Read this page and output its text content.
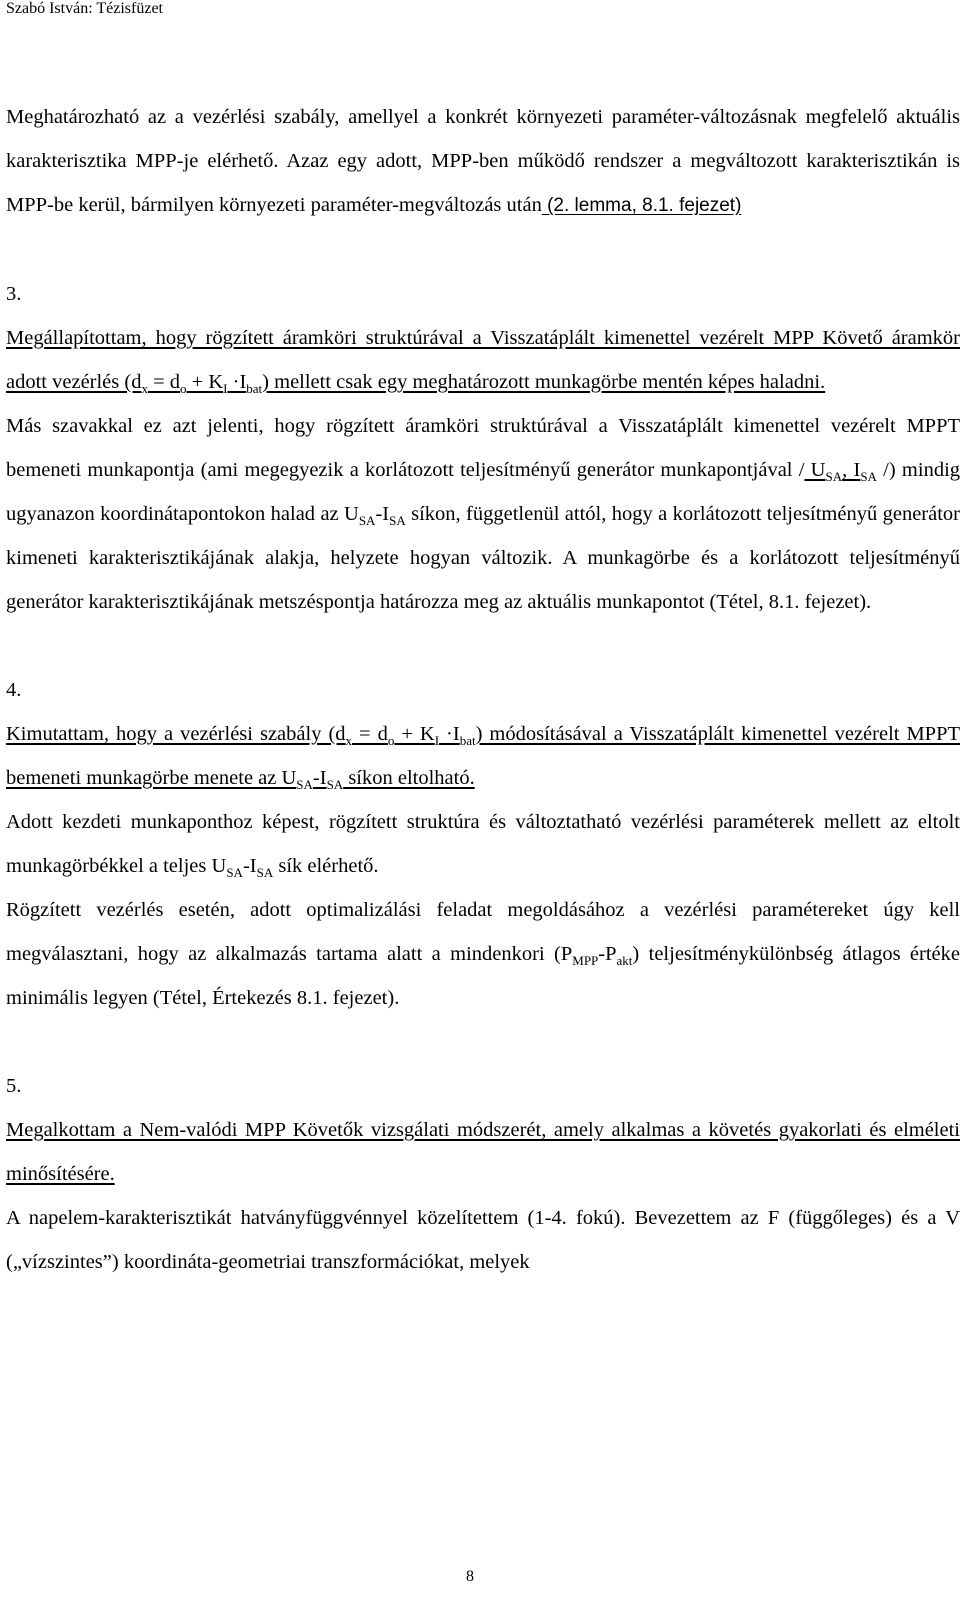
Szabó István: Tézisfüzet

Meghatározható az a vezérlési szabály, amellyel a konkrét környezeti paraméter-változásnak megfelelő aktuális karakterisztika MPP-je elérhető. Azaz egy adott, MPP-ben működő rendszer a megváltozott karakterisztikán is MPP-be kerül, bármilyen környezeti paraméter-megváltozás után (2. lemma, 8.1. fejezet)

3.

Megállapítottam, hogy rögzített áramköri struktúrával a Visszatáplált kimenettel vezérelt MPP Követő áramkör adott vezérlés $(d_x = d_o + K_I \cdot I_{bat})$ mellett csak egy meghatározott munkagörbe mentén képes haladni.

Más szavakkal ez azt jelenti, hogy rögzített áramköri struktúrával a Visszatáplált kimenettel vezérelt MPPT bemeneti munkapontja (ami megegyezik a korlátozott teljesítményű generátor munkapontjával / $U_{SA}$, $I_{SA}$ /) mindig ugyanazon koordinátapontokon halad az $U_{SA}-I_{SA}$ síkon, függetlenül attól, hogy a korlátozott teljesítményű generátor kimeneti karakterisztikájának alakja, helyzete hogyan változik. A munkagörbe és a korlátozott teljesítményű generátor karakterisztikájának metszéspontja határozza meg az aktuális munkapontot (Tétel, 8.1. fejezet).

4.

Kimutattam, hogy a vezérlési szabály $(d_x = d_o + K_I \cdot I_{bat})$ módosításával a Visszatáplált kimenettel vezérelt MPPT bemeneti munkagörbe menete az $U_{SA}-I_{SA}$ síkon eltolható.

Adott kezdeti munkaponthoz képest, rögzített struktúra és változtatható vezérlési paraméterek mellett az eltolt munkagörbékkel a teljes $U_{SA}-I_{SA}$ sík elérhető.

Rögzített vezérlés esetén, adott optimalizálási feladat megoldásához a vezérlési paramétereket úgy kell megválasztani, hogy az alkalmazás tartama alatt a mindenkori $(P_{MPP}-P_{akt})$ teljesítménykülönbség átlagos értéke minimális legyen (Tétel, Értekezés 8.1. fejezet).

5.

Megalkottam a Nem-valódi MPP Követők vizsgálati módszerét, amely alkalmas a követés gyakorlati és elméleti minősítésére.

A napelem-karakterisztikát hatványfüggvénnyel közelítettem (1-4. fokú). Bevezettem az F (függőleges) és a V („vízszintes”) koordináta-geometriai transzformációkat, melyek

8
